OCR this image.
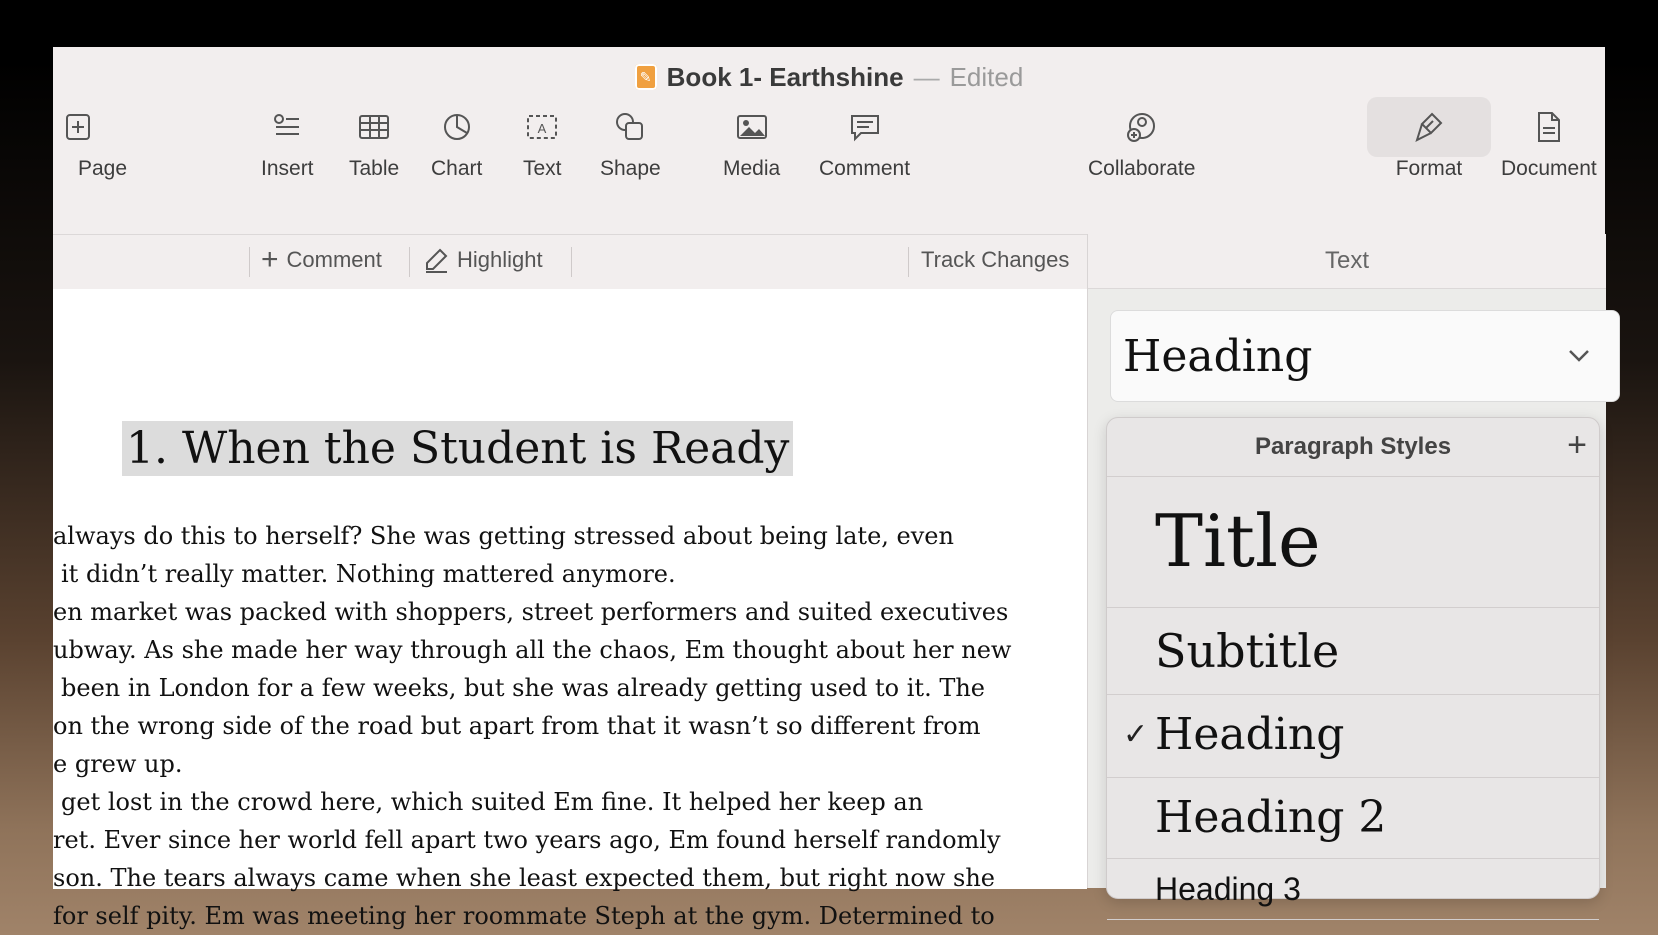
✎ Book 1- Earthshine — Edited
Page	Insert Table Chart
A
Text Shape	Media Comment	Collaborate	Format Document
+ Comment	Highlight	Track Changes
1. When the Student is Ready
always do this to herself? She was getting stressed about being late, even
it didn’t really matter. Nothing mattered anymore.
en market was packed with shoppers, street performers and suited executives
ubway. As she made her way through all the chaos, Em thought about her new
been in London for a few weeks, but she was already getting used to it. The
on the wrong side of the road but apart from that it wasn’t so different from
e grew up.
get lost in the crowd here, which suited Em fine. It helped her keep an
ret. Ever since her world fell apart two years ago, Em found herself randomly
son. The tears always came when she least expected them, but right now she
for self pity. Em was meeting her roommate Steph at the gym. Determined to
Text
Heading
Paragraph Styles	+
Title
Subtitle
✓ Heading
Heading 2
Heading 3
